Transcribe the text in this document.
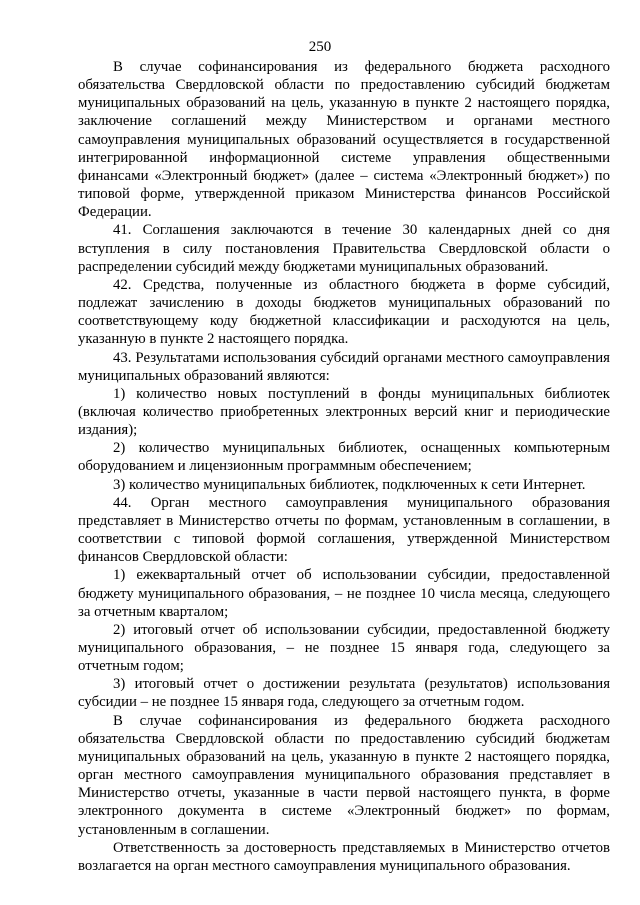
250

В случае софинансирования из федерального бюджета расходного обязательства Свердловской области по предоставлению субсидий бюджетам муниципальных образований на цель, указанную в пункте 2 настоящего порядка, заключение соглашений между Министерством и органами местного самоуправления муниципальных образований осуществляется в государственной интегрированной информационной системе управления общественными финансами «Электронный бюджет» (далее – система «Электронный бюджет») по типовой форме, утвержденной приказом Министерства финансов Российской Федерации.

41. Соглашения заключаются в течение 30 календарных дней со дня вступления в силу постановления Правительства Свердловской области о распределении субсидий между бюджетами муниципальных образований.

42. Средства, полученные из областного бюджета в форме субсидий, подлежат зачислению в доходы бюджетов муниципальных образований по соответствующему коду бюджетной классификации и расходуются на цель, указанную в пункте 2 настоящего порядка.

43. Результатами использования субсидий органами местного самоуправления муниципальных образований являются:

1) количество новых поступлений в фонды муниципальных библиотек (включая количество приобретенных электронных версий книг и периодические издания);

2) количество муниципальных библиотек, оснащенных компьютерным оборудованием и лицензионным программным обеспечением;

3) количество муниципальных библиотек, подключенных к сети Интернет.

44. Орган местного самоуправления муниципального образования представляет в Министерство отчеты по формам, установленным в соглашении, в соответствии с типовой формой соглашения, утвержденной Министерством финансов Свердловской области:

1) ежеквартальный отчет об использовании субсидии, предоставленной бюджету муниципального образования, – не позднее 10 числа месяца, следующего за отчетным кварталом;

2) итоговый отчет об использовании субсидии, предоставленной бюджету муниципального образования, – не позднее 15 января года, следующего за отчетным годом;

3) итоговый отчет о достижении результата (результатов) использования субсидии – не позднее 15 января года, следующего за отчетным годом.

В случае софинансирования из федерального бюджета расходного обязательства Свердловской области по предоставлению субсидий бюджетам муниципальных образований на цель, указанную в пункте 2 настоящего порядка, орган местного самоуправления муниципального образования представляет в Министерство отчеты, указанные в части первой настоящего пункта, в форме электронного документа в системе «Электронный бюджет» по формам, установленным в соглашении.

Ответственность за достоверность представляемых в Министерство отчетов возлагается на орган местного самоуправления муниципального образования.
